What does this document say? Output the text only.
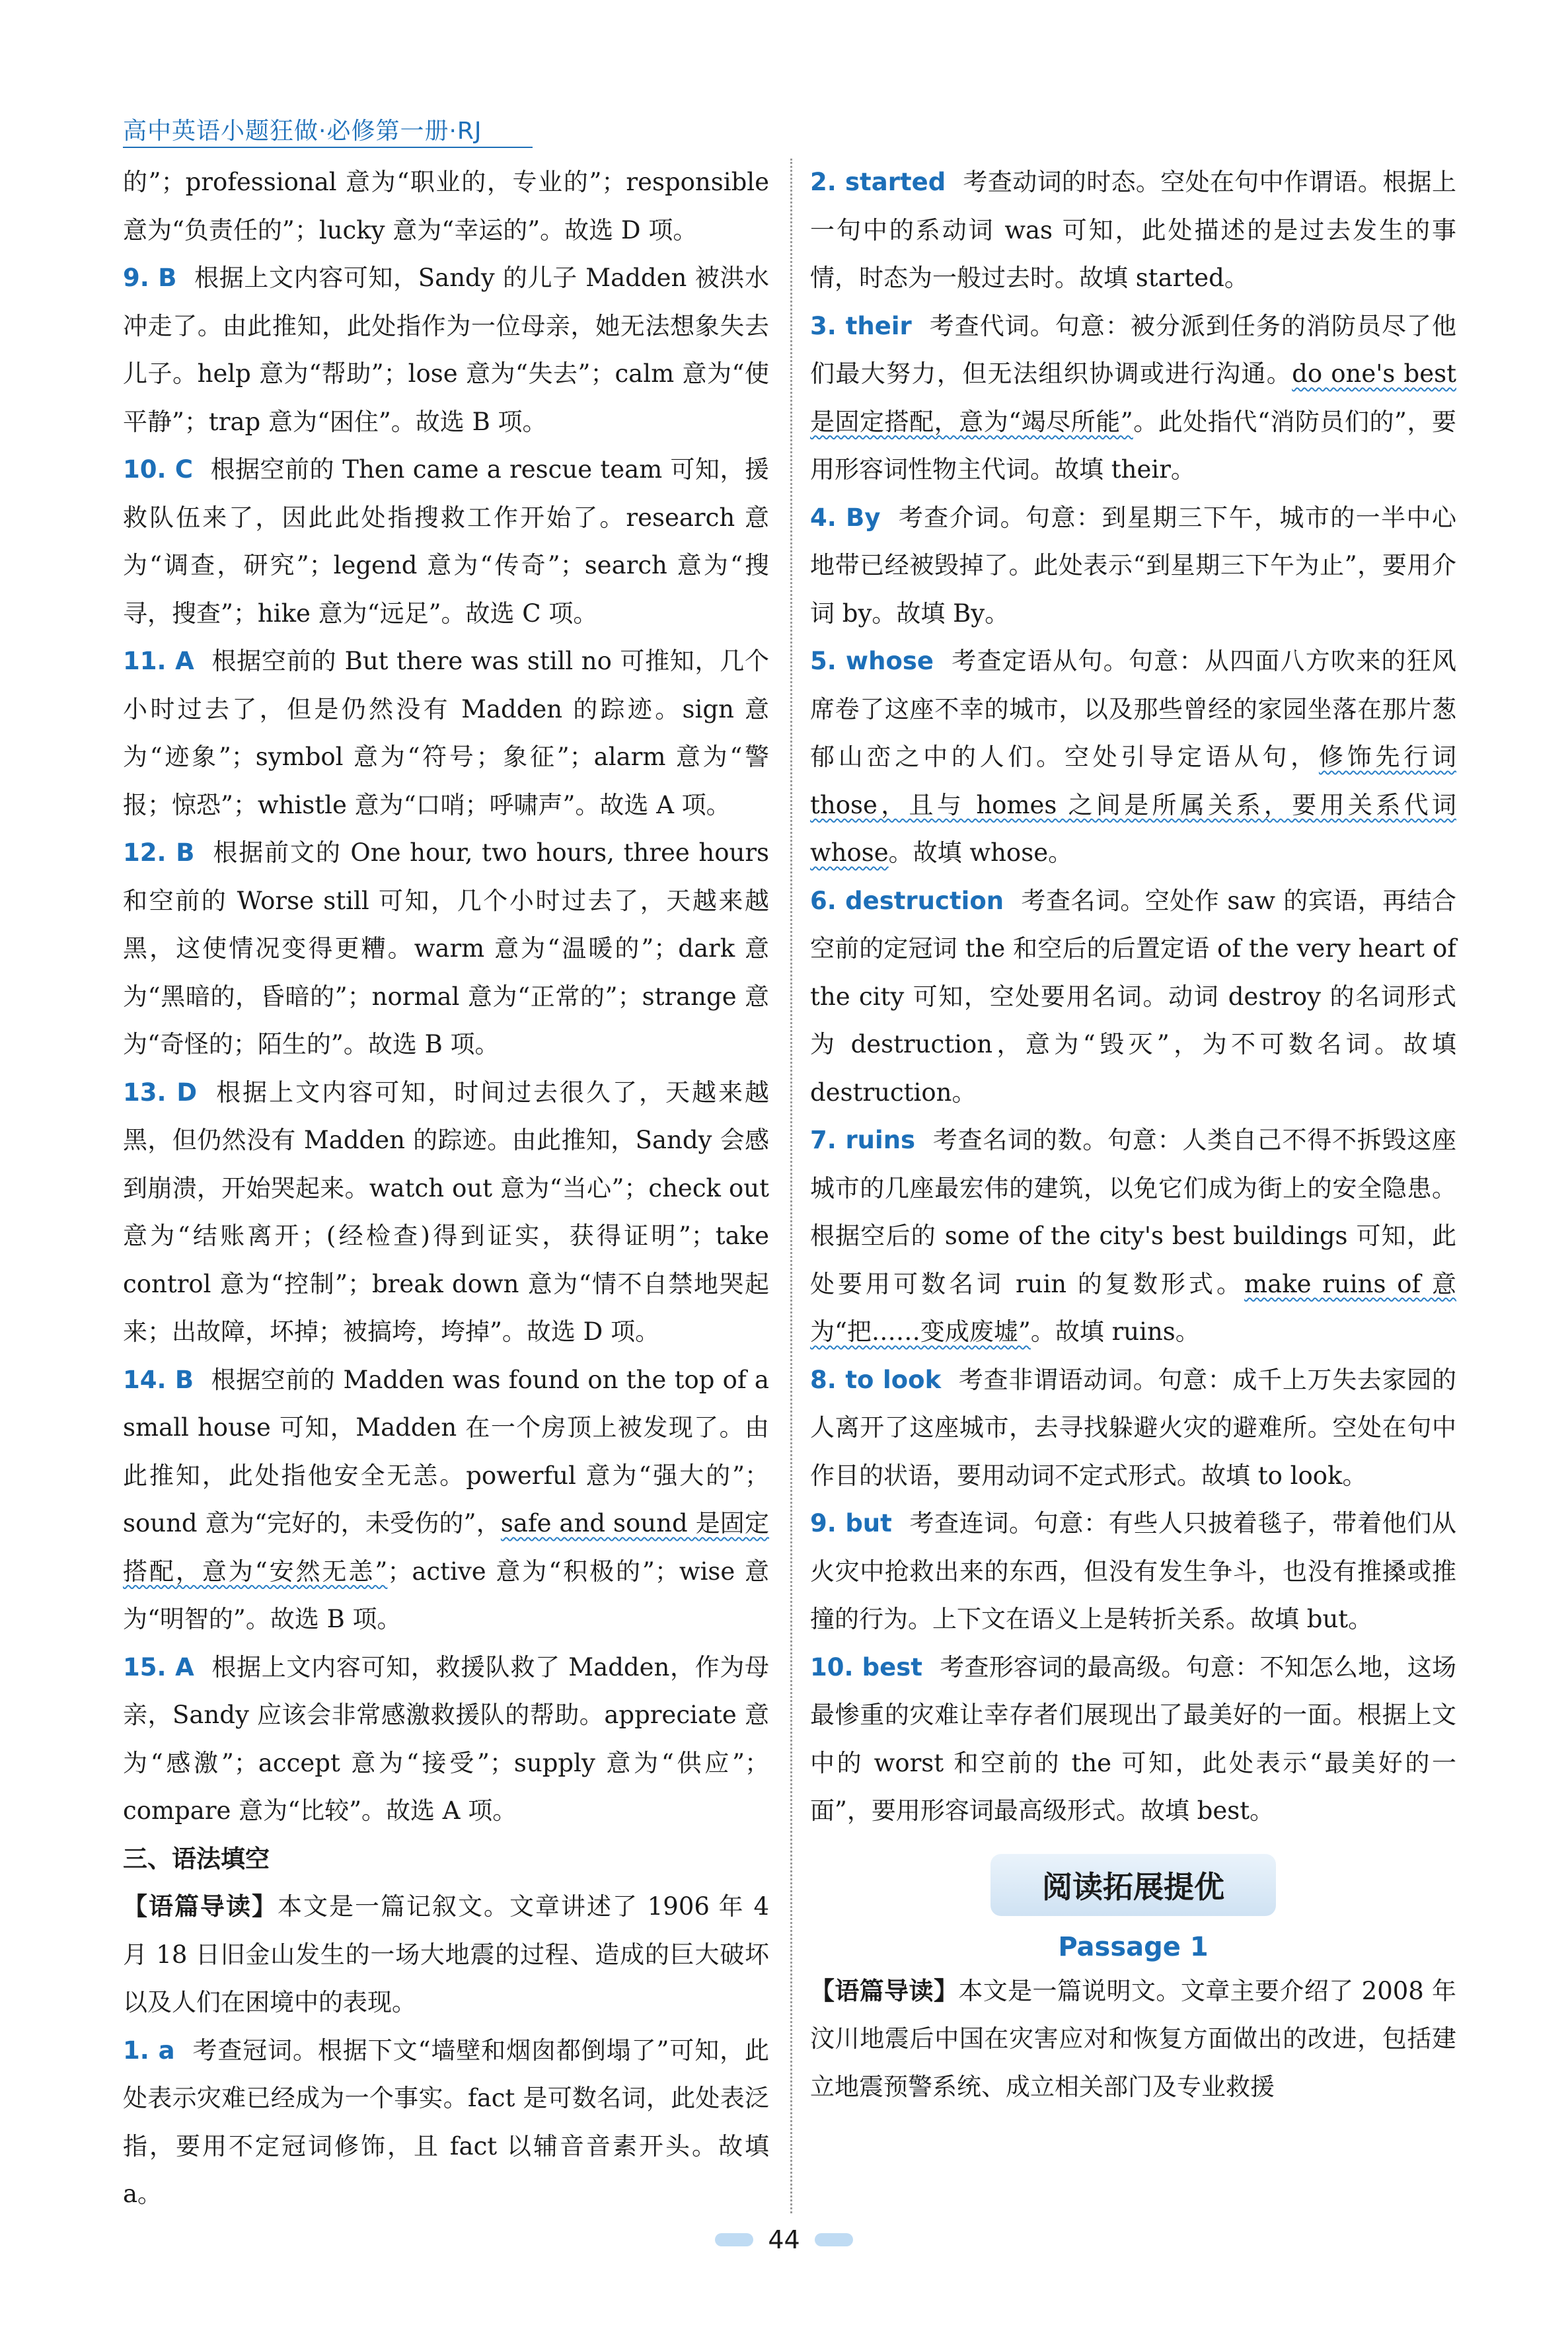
高中英语小题狂做·必修第一册·RJ

的”；professional 意为“职业的，专业的”；responsible 意为“负责任的”；lucky 意为“幸运的”。故选 D 项。

9. B 根据上文内容可知，Sandy 的儿子 Madden 被洪水冲走了。由此推知，此处指作为一位母亲，她无法想象失去儿子。help 意为“帮助”；lose 意为“失去”；calm 意为“使平静”；trap 意为“困住”。故选 B 项。

10. C 根据空前的 Then came a rescue team 可知，援救队伍来了，因此此处指搜救工作开始了。research 意为“调查，研究”；legend 意为“传奇”；search 意为“搜寻，搜查”；hike 意为“远足”。故选 C 项。

11. A 根据空前的 But there was still no 可推知，几个小时过去了，但是仍然没有 Madden 的踪迹。sign 意为“迹象”；symbol 意为“符号；象征”；alarm 意为“警报；惊恐”；whistle 意为“口哨；呼啸声”。故选 A 项。

12. B 根据前文的 One hour, two hours, three hours 和空前的 Worse still 可知，几个小时过去了，天越来越黑，这使情况变得更糟。warm 意为“温暖的”；dark 意为“黑暗的，昏暗的”；normal 意为“正常的”；strange 意为“奇怪的；陌生的”。故选 B 项。

13. D 根据上文内容可知，时间过去很久了，天越来越黑，但仍然没有 Madden 的踪迹。由此推知，Sandy 会感到崩溃，开始哭起来。watch out 意为“当心”；check out 意为“结账离开；(经检查)得到证实，获得证明”；take control 意为“控制”；break down 意为“情不自禁地哭起来；出故障，坏掉；被搞垮，垮掉”。故选 D 项。

14. B 根据空前的 Madden was found on the top of a small house 可知，Madden 在一个房顶上被发现了。由此推知，此处指他安全无恙。powerful 意为“强大的”；sound 意为“完好的，未受伤的”，safe and sound 是固定搭配，意为“安然无恙”；active 意为“积极的”；wise 意为“明智的”。故选 B 项。

15. A 根据上文内容可知，救援队救了 Madden，作为母亲，Sandy 应该会非常感激救援队的帮助。appreciate 意为“感激”；accept 意为“接受”；supply 意为“供应”；compare 意为“比较”。故选 A 项。

三、语法填空

【语篇导读】本文是一篇记叙文。文章讲述了 1906 年 4 月 18 日旧金山发生的一场大地震的过程、造成的巨大破坏以及人们在困境中的表现。

1. a 考查冠词。根据下文“墙壁和烟囱都倒塌了”可知，此处表示灾难已经成为一个事实。fact 是可数名词，此处表泛指，要用不定冠词修饰，且 fact 以辅音音素开头。故填 a。

2. started 考查动词的时态。空处在句中作谓语。根据上一句中的系动词 was 可知，此处描述的是过去发生的事情，时态为一般过去时。故填 started。

3. their 考查代词。句意：被分派到任务的消防员尽了他们最大努力，但无法组织协调或进行沟通。do one's best 是固定搭配，意为“竭尽所能”。此处指代“消防员们的”，要用形容词性物主代词。故填 their。

4. By 考查介词。句意：到星期三下午，城市的一半中心地带已经被毁掉了。此处表示“到星期三下午为止”，要用介词 by。故填 By。

5. whose 考查定语从句。句意：从四面八方吹来的狂风席卷了这座不幸的城市，以及那些曾经的家园坐落在那片葱郁山峦之中的人们。空处引导定语从句，修饰先行词 those，且与 homes 之间是所属关系，要用关系代词 whose。故填 whose。

6. destruction 考查名词。空处作 saw 的宾语，再结合空前的定冠词 the 和空后的后置定语 of the very heart of the city 可知，空处要用名词。动词 destroy 的名词形式为 destruction，意为“毁灭”，为不可数名词。故填 destruction。

7. ruins 考查名词的数。句意：人类自己不得不拆毁这座城市的几座最宏伟的建筑，以免它们成为街上的安全隐患。根据空后的 some of the city's best buildings 可知，此处要用可数名词 ruin 的复数形式。make ruins of 意为“把……变成废墟”。故填 ruins。

8. to look 考查非谓语动词。句意：成千上万失去家园的人离开了这座城市，去寻找躲避火灾的避难所。空处在句中作目的状语，要用动词不定式形式。故填 to look。

9. but 考查连词。句意：有些人只披着毯子，带着他们从火灾中抢救出来的东西，但没有发生争斗，也没有推搡或推撞的行为。上下文在语义上是转折关系。故填 but。

10. best 考查形容词的最高级。句意：不知怎么地，这场最惨重的灾难让幸存者们展现出了最美好的一面。根据上文中的 worst 和空前的 the 可知，此处表示“最美好的一面”，要用形容词最高级形式。故填 best。

阅读拓展提优
Passage 1

【语篇导读】本文是一篇说明文。文章主要介绍了 2008 年汶川地震后中国在灾害应对和恢复方面做出的改进，包括建立地震预警系统、成立相关部门及专业救援

44
